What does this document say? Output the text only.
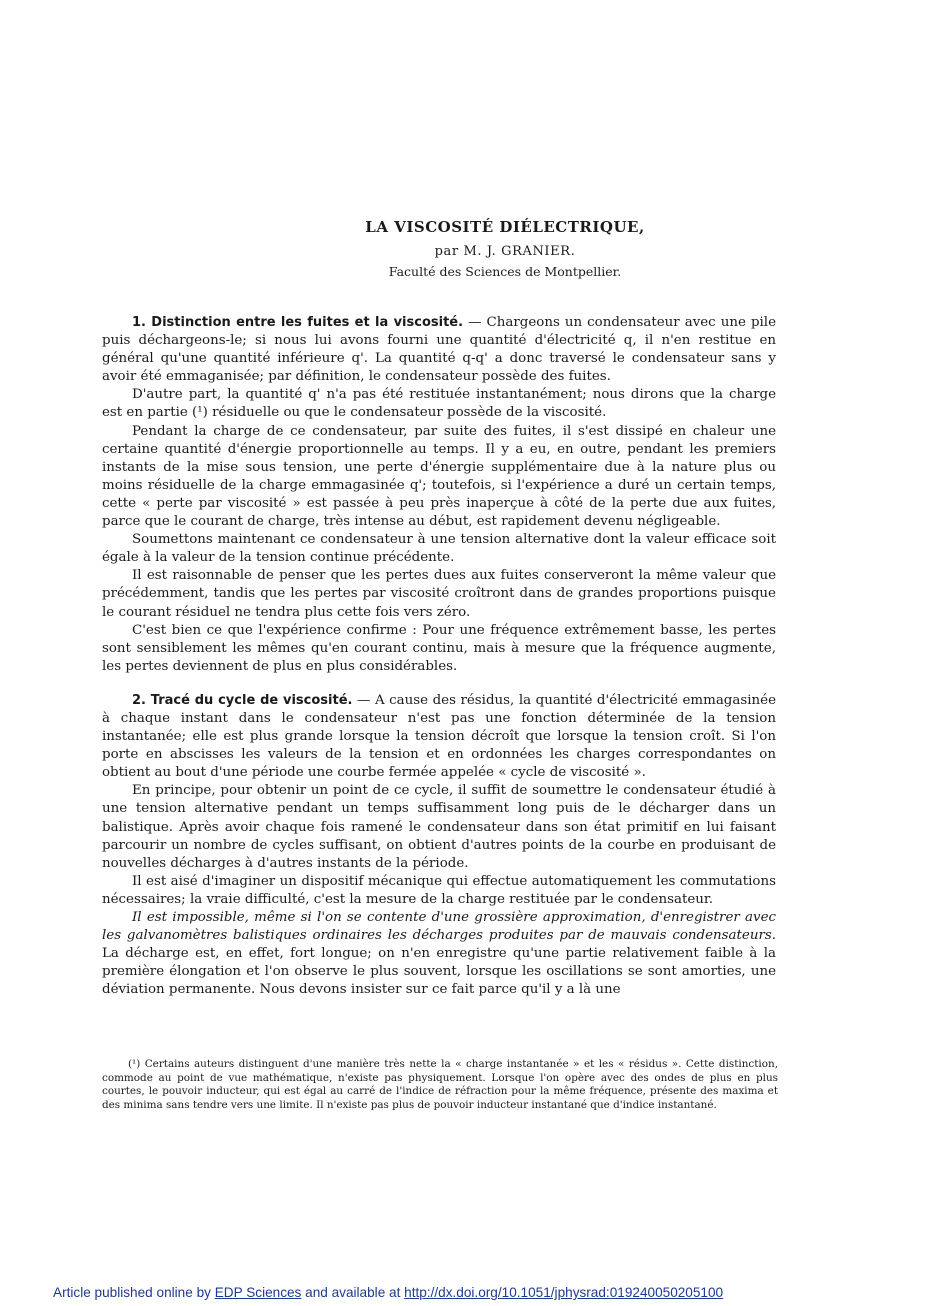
LA VISCOSITÉ DIÉLECTRIQUE,
par M. J. GRANIER.
Faculté des Sciences de Montpellier.

1. Distinction entre les fuites et la viscosité. — Chargeons un condensateur avec une pile puis déchargeons-le; si nous lui avons fourni une quantité d'électricité q, il n'en restitue en général qu'une quantité inférieure q'. La quantité q-q' a donc traversé le condensateur sans y avoir été emmaganisée; par définition, le condensateur possède des fuites.

D'autre part, la quantité q' n'a pas été restituée instantanément; nous dirons que la charge est en partie (¹) résiduelle ou que le condensateur possède de la viscosité.

Pendant la charge de ce condensateur, par suite des fuites, il s'est dissipé en chaleur une certaine quantité d'énergie proportionnelle au temps. Il y a eu, en outre, pendant les premiers instants de la mise sous tension, une perte d'énergie supplémentaire due à la nature plus ou moins résiduelle de la charge emmagasinée q'; toutefois, si l'expérience a duré un certain temps, cette « perte par viscosité » est passée à peu près inaperçue à côté de la perte due aux fuites, parce que le courant de charge, très intense au début, est rapidement devenu négligeable.

Soumettons maintenant ce condensateur à une tension alternative dont la valeur efficace soit égale à la valeur de la tension continue précédente.

Il est raisonnable de penser que les pertes dues aux fuites conserveront la même valeur que précédemment, tandis que les pertes par viscosité croîtront dans de grandes proportions puisque le courant résiduel ne tendra plus cette fois vers zéro.

C'est bien ce que l'expérience confirme : Pour une fréquence extrêmement basse, les pertes sont sensiblement les mêmes qu'en courant continu, mais à mesure que la fréquence augmente, les pertes deviennent de plus en plus considérables.

2. Tracé du cycle de viscosité. — A cause des résidus, la quantité d'électricité emmagasinée à chaque instant dans le condensateur n'est pas une fonction déterminée de la tension instantanée; elle est plus grande lorsque la tension décroît que lorsque la tension croît. Si l'on porte en abscisses les valeurs de la tension et en ordonnées les charges correspondantes on obtient au bout d'une période une courbe fermée appelée « cycle de viscosité ».

En principe, pour obtenir un point de ce cycle, il suffit de soumettre le condensateur étudié à une tension alternative pendant un temps suffisamment long puis de le décharger dans un balistique. Après avoir chaque fois ramené le condensateur dans son état primitif en lui faisant parcourir un nombre de cycles suffisant, on obtient d'autres points de la courbe en produisant de nouvelles décharges à d'autres instants de la période.

Il est aisé d'imaginer un dispositif mécanique qui effectue automatiquement les commutations nécessaires; la vraie difficulté, c'est la mesure de la charge restituée par le condensateur.

Il est impossible, même si l'on se contente d'une grossière approximation, d'enregistrer avec les galvanomètres balistiques ordinaires les décharges produites par de mauvais condensateurs. La décharge est, en effet, fort longue; on n'en enregistre qu'une partie relativement faible à la première élongation et l'on observe le plus souvent, lorsque les oscillations se sont amorties, une déviation permanente. Nous devons insister sur ce fait parce qu'il y a là une

(¹) Certains auteurs distinguent d'une manière très nette la « charge instantanée » et les « résidus ». Cette distinction, commode au point de vue mathématique, n'existe pas physiquement. Lorsque l'on opère avec des ondes de plus en plus courtes, le pouvoir inducteur, qui est égal au carré de l'indice de réfraction pour la même fréquence, présente des maxima et des minima sans tendre vers une limite. Il n'existe pas plus de pouvoir inducteur instantané que d'indice instantané.

Article published online by EDP Sciences and available at http://dx.doi.org/10.1051/jphysrad:019240050205100
